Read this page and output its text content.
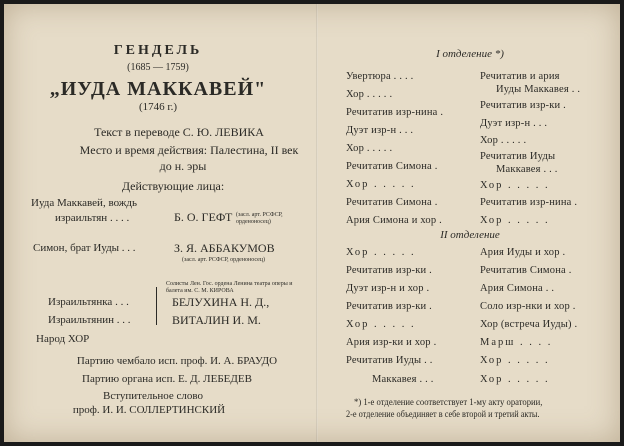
ГЕНДЕЛЬ
(1685 — 1759)
„ИУДА МАККАВЕЙ"
(1746 г.)
Текст в переводе С. Ю. ЛЕВИКА
Место и время действия: Палестина, II век
до н. эры
Действующие лица:
Иуда Маккавей, вождь
израильтян . . . .	Б. О. ГЕФТ (засл. арт. РСФСР, орденоносец)
Симон, брат Иуды . . .	З. Я. АББАКУМОВ
(засл. арт. РСФСР, орденоносец)
Солисты Лен. Гос. ордена Ленина театра оперы и балета им. С. М. КИРОВА
Израильтянка . . .	БЕЛУХИНА Н. Д.,
Израильтянин . . .	ВИТАЛИН И. М.
Народ ХОР
Партию чембало исп. проф. И. А. БРАУДО
Партию органа исп. Е. Д. ЛЕБЕДЕВ
Вступительное слово
проф. И. И. СОЛЛЕРТИНСКИЙ
I отделение *)
Увертюра . . . .
Хор . . . . .
Речитатив изр-нина .
Дуэт изр-н . . .
Хор . . . . .
Речитатив Симона .
Хор . . . . .
Речитатив Симона .
Ария Симона и хор .
Речитатив и ария
Иуды Маккавея . .
Речитатив изр-ки .
Дуэт изр-н . . .
Хор . . . . .
Речитатив Иуды
Маккавея . . .
Хор . . . . .
Речитатив изр-нина .
Хор . . . . .
II отделение
Хор . . . . .
Речитатив изр-ки .
Дуэт изр-н и хор .
Речитатив изр-ки .
Хор . . . . .
Ария изр-ки и хор .
Речитатив Иуды . .
Маккавея . . .
Ария Иуды и хор .
Речитатив Симона .
Ария Симона . .
Соло изр-нки и хор .
Хор (встреча Иуды) .
Марш . . . .
Хор . . . . .
Хор . . . . .
*) 1-е отделение соответствует 1-му акту оратории,
2-е отделение объединяет в себе второй и третий акты.
